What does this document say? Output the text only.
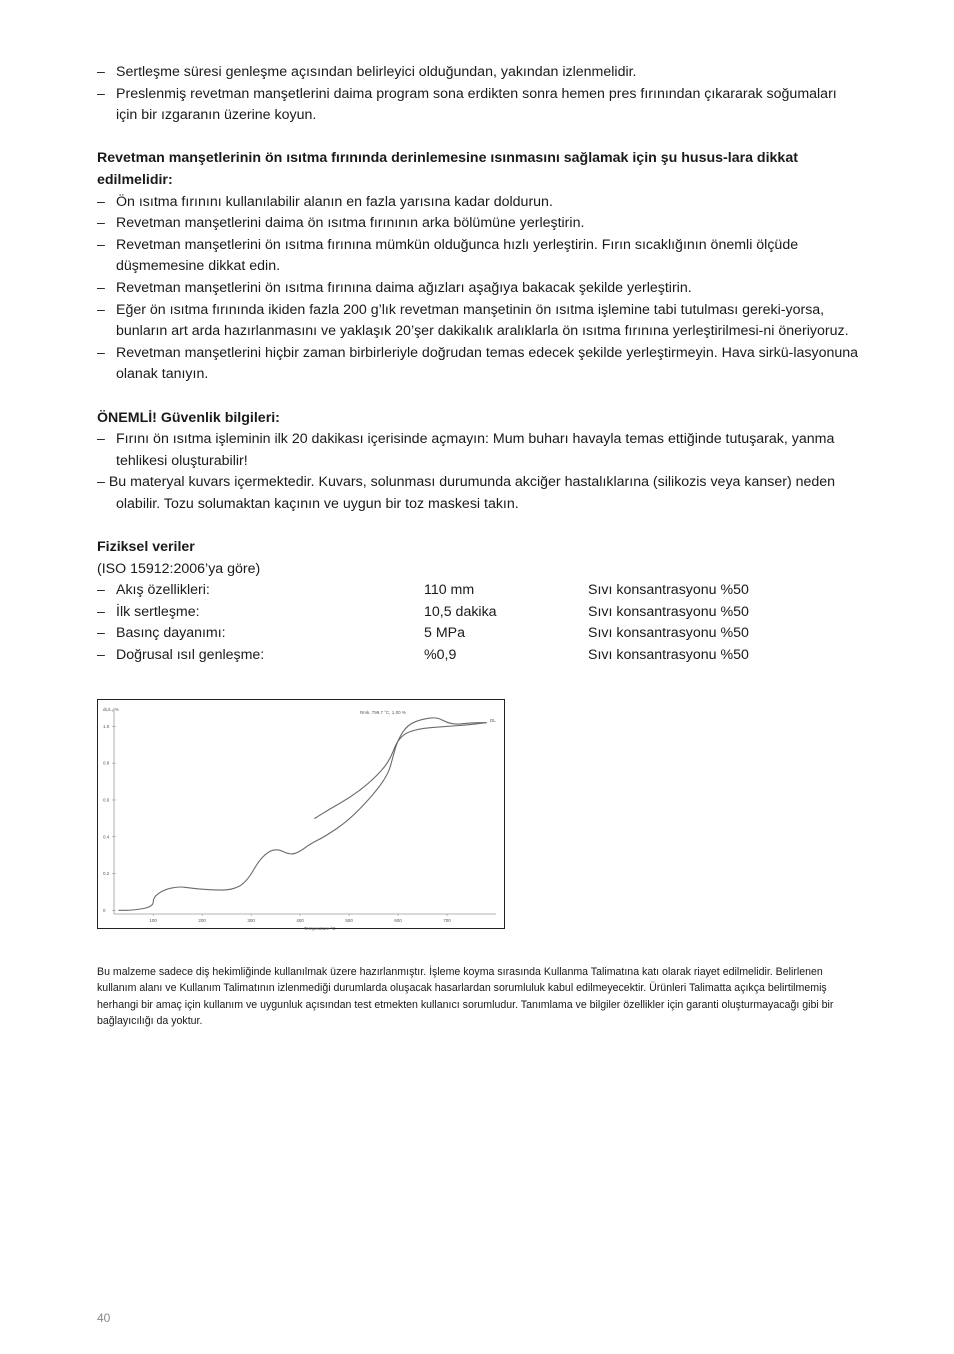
– Sertleşme süresi genleşme açısından belirleyici olduğundan, yakından izlenmelidir.
– Preslenmiş revetman manşetlerini daima program sona erdikten sonra hemen pres fırınından çıkararak soğumaları için bir ızgaranın üzerine koyun.

Revetman manşetlerinin ön ısıtma fırınında derinlemesine ısınmasını sağlamak için şu husus-lara dikkat edilmelidir:

– Ön ısıtma fırınını kullanılabilir alanın en fazla yarısına kadar doldurun.
– Revetman manşetlerini daima ön ısıtma fırınının arka bölümüne yerleştirin.
– Revetman manşetlerini ön ısıtma fırınına mümkün olduğunca hızlı yerleştirin. Fırın sıcaklığının önemli ölçüde düşmemesine dikkat edin.
– Revetman manşetlerini ön ısıtma fırınına daima ağızları aşağıya bakacak şekilde yerleştirin.
– Eğer ön ısıtma fırınında ikiden fazla 200 g’lık revetman manşetinin ön ısıtma işlemine tabi tutulması gereki-yorsa, bunların art arda hazırlanmasını ve yaklaşık 20’şer dakikalık aralıklarla ön ısıtma fırınına yerleştirilmesi-ni öneriyoruz.
– Revetman manşetlerini hiçbir zaman birbirleriyle doğrudan temas edecek şekilde yerleştirmeyin. Hava sirkü-lasyonuna olanak tanıyın.

ÖNEMLİ! Güvenlik bilgileri:

– Fırını ön ısıtma işleminin ilk 20 dakikası içerisinde açmayın: Mum buharı havayla temas ettiğinde tutuşarak, yanma tehlikesi oluşturabilir!
– Bu materyal kuvars içermektedir. Kuvars, solunması durumunda akciğer hastalıklarına (silikozis veya kanser) neden olabilir. Tozu solumaktan kaçının ve uygun bir toz maskesi takın.

Fiziksel veriler

(ISO 15912:2006’ya göre)

– Akış özellikleri:	110 mm	Sıvı konsantrasyonu %50
– İlk sertleşme:	10,5 dakika	Sıvı konsantrasyonu %50
– Basınç dayanımı:	5 MPa	Sıvı konsantrasyonu %50
– Doğrusal ısıl genleşme:	%0,9	Sıvı konsantrasyonu %50
dL/L₀ %
Temperature °C
Rmk. 799.7 °C, 1.00 %
DL
0
0.2
0.4
0.6
0.8
1.0
100	200	300	400	500	600	700

Bu malzeme sadece diş hekimliğinde kullanılmak üzere hazırlanmıştır. İşleme koyma sırasında Kullanma Talimatına katı olarak riayet edilmelidir. Belirlenen kullanım alanı ve Kullanım Talimatının izlenmediği durumlarda oluşacak hasarlardan sorumluluk kabul edilmeyecektir. Ürünleri Talimatta açıkça belirtilmemiş herhangi bir amaç için kullanım ve uygunluk açısından test etmekten kullanıcı sorumludur. Tanımlama ve bilgiler özellikler için garanti oluşturmayacağı gibi bir bağlayıcılığı da yoktur.

40
